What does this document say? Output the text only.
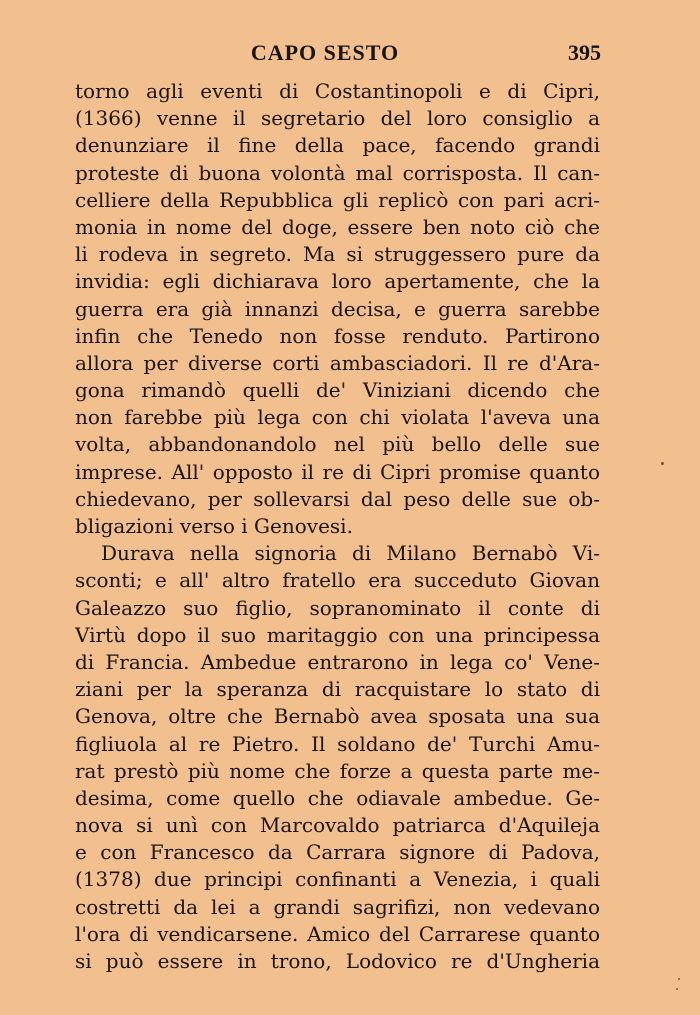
CAPO SESTO	395
torno agli eventi di Costantinopoli e di Cipri,
(1366) venne il segretario del loro consiglio a
denunziare il fine della pace, facendo grandi
proteste di buona volontà mal corrisposta. Il can-
celliere della Repubblica gli replicò con pari acri-
monia in nome del doge, essere ben noto ciò che
li rodeva in segreto. Ma si struggessero pure da
invidia: egli dichiarava loro apertamente, che la
guerra era già innanzi decisa, e guerra sarebbe
infin che Tenedo non fosse renduto. Partirono
allora per diverse corti ambasciadori. Il re d'Ara-
gona rimandò quelli de' Viniziani dicendo che
non farebbe più lega con chi violata l'aveva una
volta, abbandonandolo nel più bello delle sue
imprese. All' opposto il re di Cipri promise quanto
chiedevano, per sollevarsi dal peso delle sue ob-
bligazioni verso i Genovesi.
Durava nella signoria di Milano Bernabò Vi-
sconti; e all' altro fratello era succeduto Giovan
Galeazzo suo figlio, sopranominato il conte di
Virtù dopo il suo maritaggio con una principessa
di Francia. Ambedue entrarono in lega co' Vene-
ziani per la speranza di racquistare lo stato di
Genova, oltre che Bernabò avea sposata una sua
figliuola al re Pietro. Il soldano de' Turchi Amu-
rat prestò più nome che forze a questa parte me-
desima, come quello che odiavale ambedue. Ge-
nova si unì con Marcovaldo patriarca d'Aquileja
e con Francesco da Carrara signore di Padova,
(1378) due principi confinanti a Venezia, i quali
costretti da lei a grandi sagrifizi, non vedevano
l'ora di vendicarsene. Amico del Carrarese quanto
si può essere in trono, Lodovico re d'Ungheria
